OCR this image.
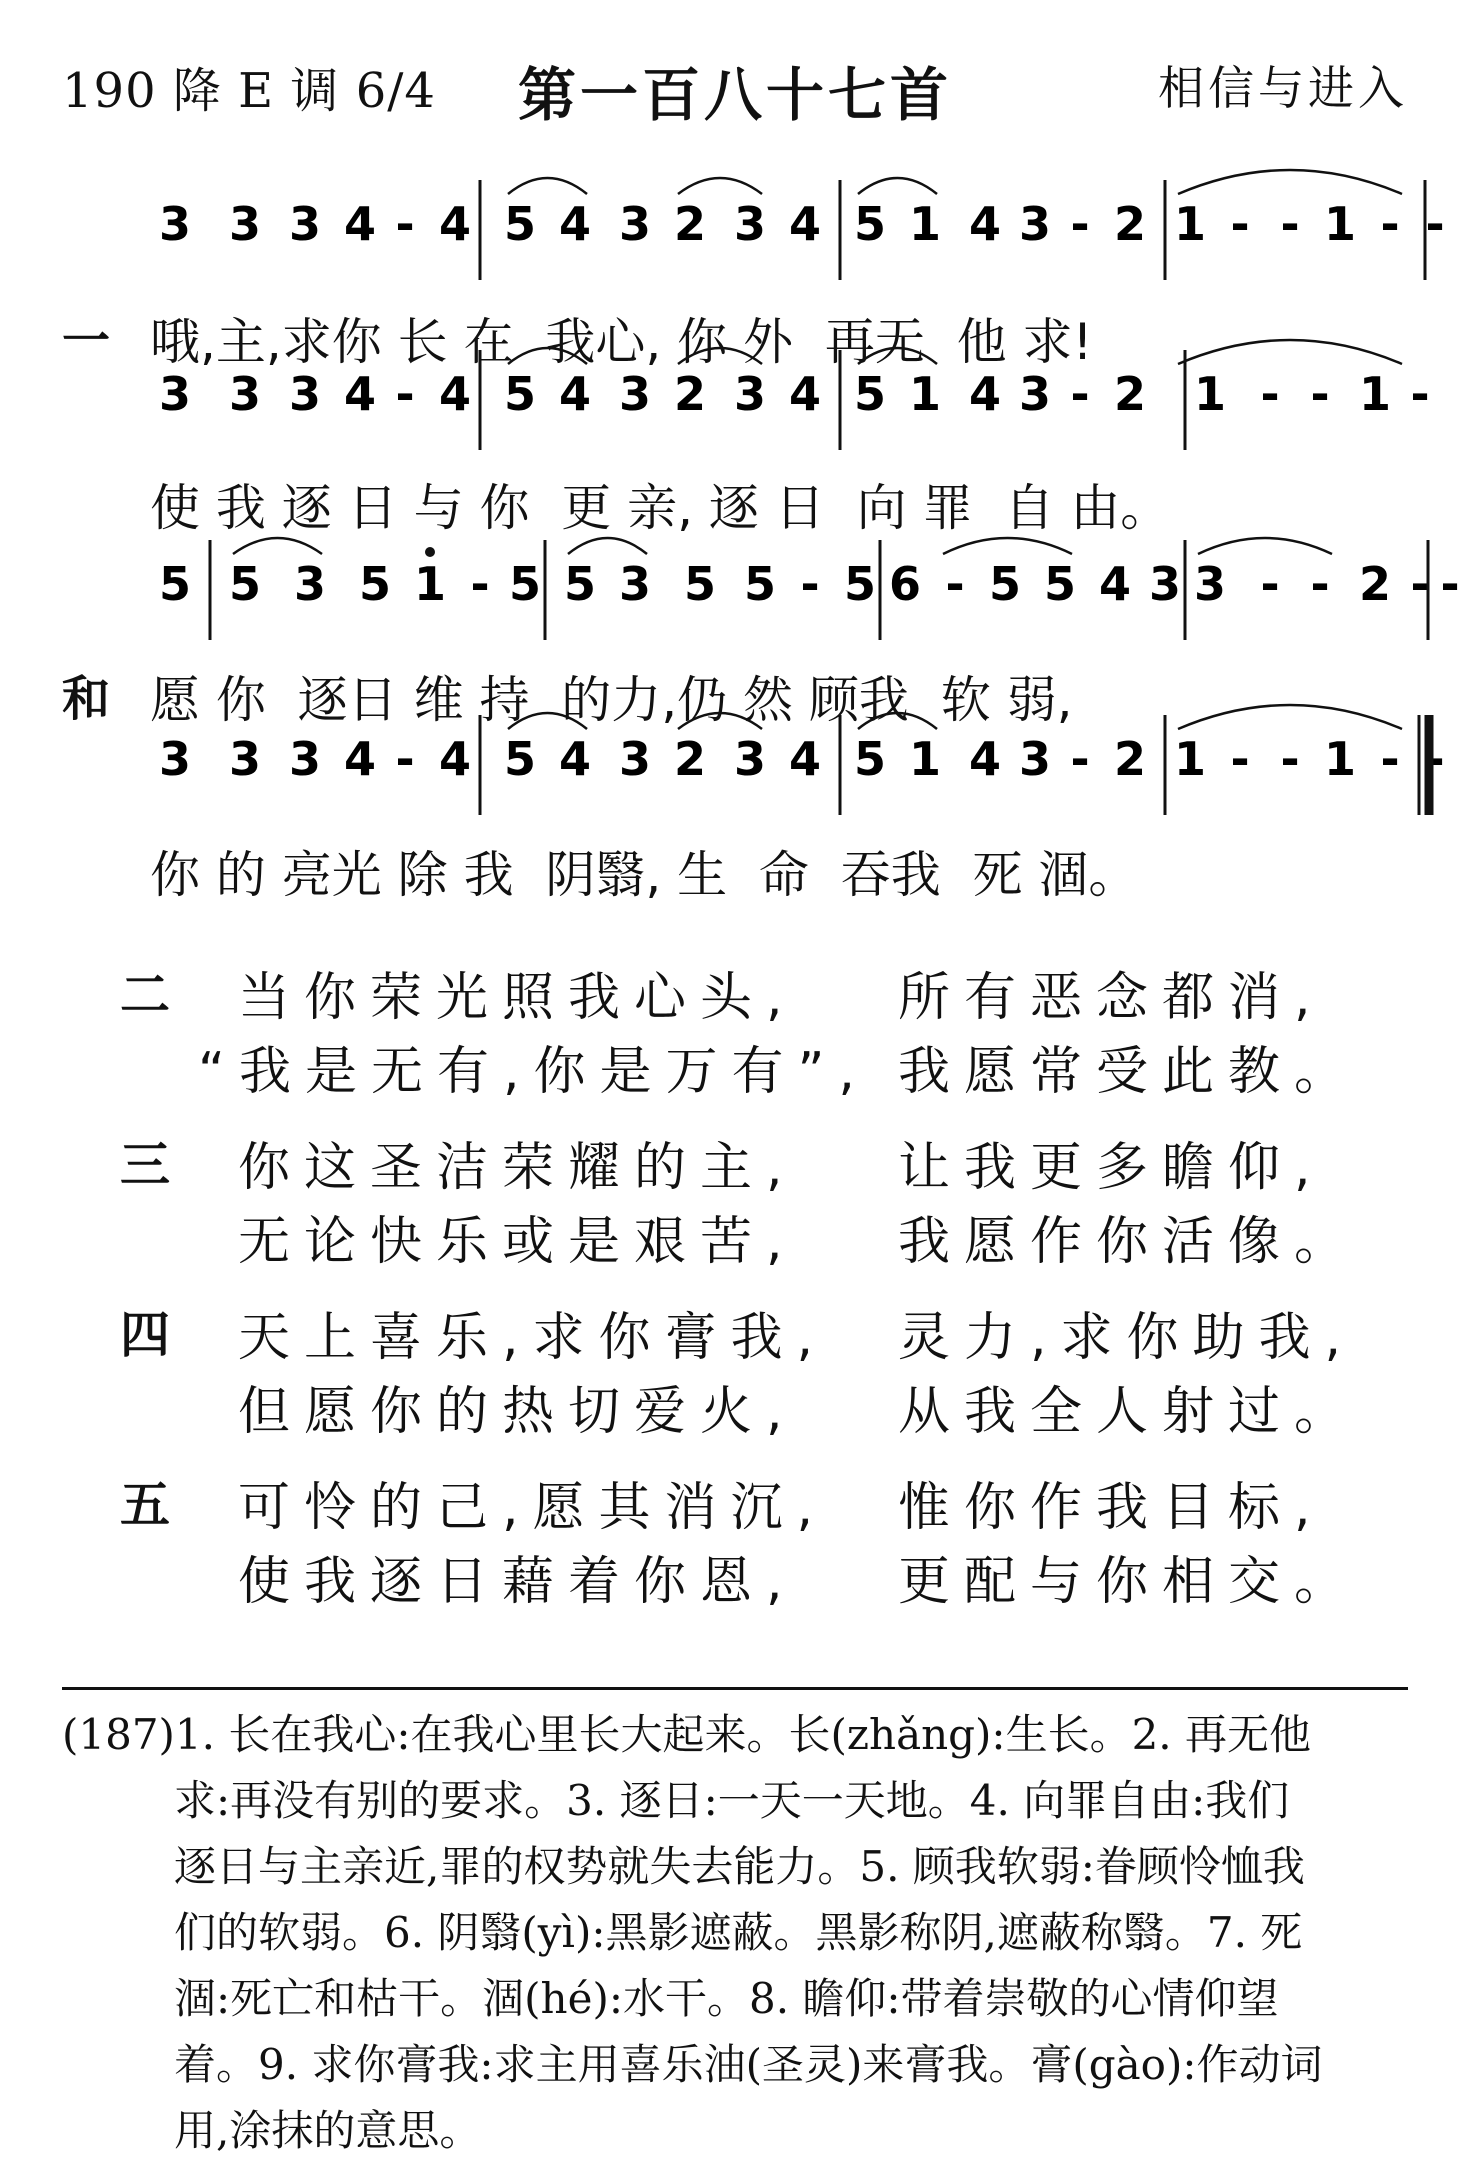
190 降 E 调 6/4	第一百八十七首	相信与进入
3 3 3 4 - 4 5 4 3 2 3 4 5 1 4 3 - 2 1 - - 1 - -
3 3 3 4 - 4 5 4 3 2 3 4 5 1 4 3 - 2 1 - - 1 -
5 5 3 5 1 - 5 5 3 5 5 - 5 6 - 5 5 4 3 3 - - 2 - -
3 3 3 4 - 4 5 4 3 2 3 4 5 1 4 3 - 2 1 - - 1 - -
一 哦,主,求你 长 在  我心, 你 外  再无  他 求!
使 我 逐 日 与 你  更 亲, 逐 日  向 罪  自 由。
和 愿 你  逐日 维 持  的力,仍 然 顾我  软 弱,
你 的 亮光 除 我  阴翳, 生  命  吞我  死 涸。
二 当你荣光照我心头, 所有恶念都消,
“我是无有,你是万有”, 我愿常受此教。
三 你这圣洁荣耀的主, 让我更多瞻仰,
无论快乐或是艰苦, 我愿作你活像。
四 天上喜乐,求你膏我, 灵力,求你助我,
但愿你的热切爱火, 从我全人射过。
五 可怜的己,愿其消沉, 惟你作我目标,
使我逐日藉着你恩, 更配与你相交。
(187)1. 长在我心:在我心里长大起来。长(zhǎng):生长。2. 再无他
求:再没有别的要求。3. 逐日:一天一天地。4. 向罪自由:我们
逐日与主亲近,罪的权势就失去能力。5. 顾我软弱:眷顾怜恤我
们的软弱。6. 阴翳(yì):黑影遮蔽。黑影称阴,遮蔽称翳。7. 死
涸:死亡和枯干。涸(hé):水干。8. 瞻仰:带着崇敬的心情仰望
着。9. 求你膏我:求主用喜乐油(圣灵)来膏我。膏(gào):作动词
用,涂抹的意思。
